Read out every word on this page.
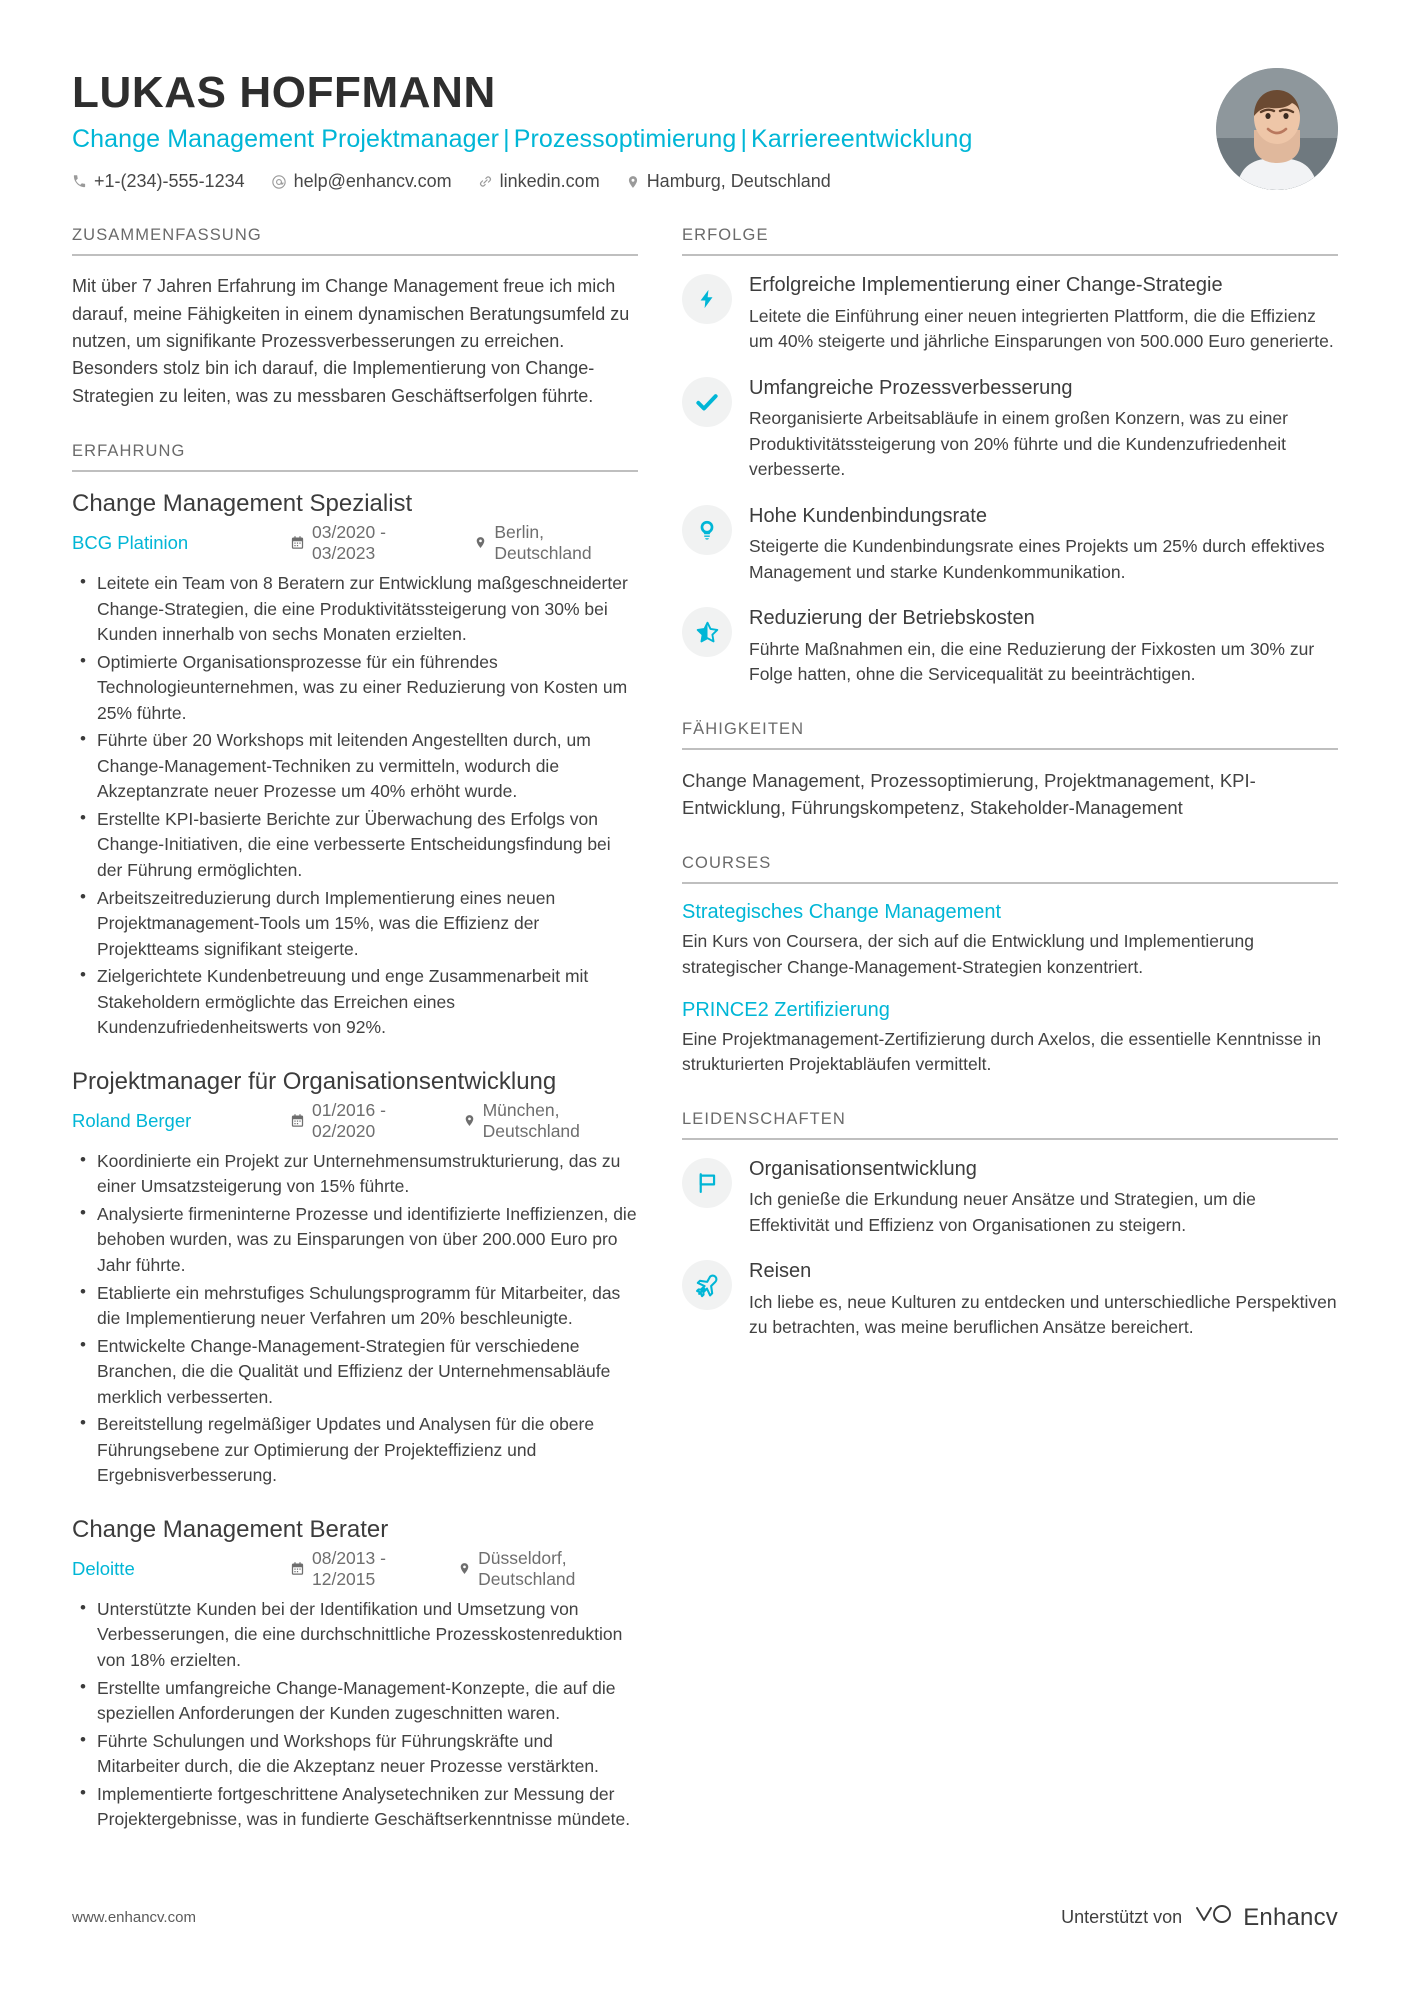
LUKAS HOFFMANN
Change Management Projektmanager | Prozessoptimierung | Karriereentwicklung
+1-(234)-555-1234	help@enhancv.com	linkedin.com	Hamburg, Deutschland
ZUSAMMENFASSUNG
Mit über 7 Jahren Erfahrung im Change Management freue ich mich darauf, meine Fähigkeiten in einem dynamischen Beratungsumfeld zu nutzen, um signifikante Prozessverbesserungen zu erreichen. Besonders stolz bin ich darauf, die Implementierung von Change-Strategien zu leiten, was zu messbaren Geschäftserfolgen führte.
ERFAHRUNG
Change Management Spezialist
BCG Platinion	03/2020 - 03/2023
Berlin, Deutschland
• Leitete ein Team von 8 Beratern zur Entwicklung maßgeschneiderter Change-Strategien, die eine Produktivitätssteigerung von 30% bei Kunden innerhalb von sechs Monaten erzielten.
• Optimierte Organisationsprozesse für ein führendes Technologieunternehmen, was zu einer Reduzierung von Kosten um 25% führte.
• Führte über 20 Workshops mit leitenden Angestellten durch, um Change-Management-Techniken zu vermitteln, wodurch die Akzeptanzrate neuer Prozesse um 40% erhöht wurde.
• Erstellte KPI-basierte Berichte zur Überwachung des Erfolgs von Change-Initiativen, die eine verbesserte Entscheidungsfindung bei der Führung ermöglichten.
• Arbeitszeitreduzierung durch Implementierung eines neuen Projektmanagement-Tools um 15%, was die Effizienz der Projektteams signifikant steigerte.
• Zielgerichtete Kundenbetreuung und enge Zusammenarbeit mit Stakeholdern ermöglichte das Erreichen eines Kundenzufriedenheitswerts von 92%.
Projektmanager für Organisationsentwicklung
Roland Berger	01/2016 - 02/2020
München, Deutschland
• Koordinierte ein Projekt zur Unternehmensumstrukturierung, das zu einer Umsatzsteigerung von 15% führte.
• Analysierte firmeninterne Prozesse und identifizierte Ineffizienzen, die behoben wurden, was zu Einsparungen von über 200.000 Euro pro Jahr führte.
• Etablierte ein mehrstufiges Schulungsprogramm für Mitarbeiter, das die Implementierung neuer Verfahren um 20% beschleunigte.
• Entwickelte Change-Management-Strategien für verschiedene Branchen, die die Qualität und Effizienz der Unternehmensabläufe merklich verbesserten.
• Bereitstellung regelmäßiger Updates und Analysen für die obere Führungsebene zur Optimierung der Projekteffizienz und Ergebnisverbesserung.
Change Management Berater
Deloitte	08/2013 - 12/2015
Düsseldorf, Deutschland
• Unterstützte Kunden bei der Identifikation und Umsetzung von Verbesserungen, die eine durchschnittliche Prozesskostenreduktion von 18% erzielten.
• Erstellte umfangreiche Change-Management-Konzepte, die auf die speziellen Anforderungen der Kunden zugeschnitten waren.
• Führte Schulungen und Workshops für Führungskräfte und Mitarbeiter durch, die die Akzeptanz neuer Prozesse verstärkten.
• Implementierte fortgeschrittene Analysetechniken zur Messung der Projektergebnisse, was in fundierte Geschäftserkenntnisse mündete.
ERFOLGE
Erfolgreiche Implementierung einer Change-Strategie
Leitete die Einführung einer neuen integrierten Plattform, die die Effizienz um 40% steigerte und jährliche Einsparungen von 500.000 Euro generierte.
Umfangreiche Prozessverbesserung
Reorganisierte Arbeitsabläufe in einem großen Konzern, was zu einer Produktivitätssteigerung von 20% führte und die Kundenzufriedenheit verbesserte.
Hohe Kundenbindungsrate
Steigerte die Kundenbindungsrate eines Projekts um 25% durch effektives Management und starke Kundenkommunikation.
Reduzierung der Betriebskosten
Führte Maßnahmen ein, die eine Reduzierung der Fixkosten um 30% zur Folge hatten, ohne die Servicequalität zu beeinträchtigen.
FÄHIGKEITEN
Change Management, Prozessoptimierung, Projektmanagement, KPI-Entwicklung, Führungskompetenz, Stakeholder-Management
COURSES
Strategisches Change Management
Ein Kurs von Coursera, der sich auf die Entwicklung und Implementierung strategischer Change-Management-Strategien konzentriert.
PRINCE2 Zertifizierung
Eine Projektmanagement-Zertifizierung durch Axelos, die essentielle Kenntnisse in strukturierten Projektabläufen vermittelt.
LEIDENSCHAFTEN
Organisationsentwicklung
Ich genieße die Erkundung neuer Ansätze und Strategien, um die Effektivität und Effizienz von Organisationen zu steigern.
Reisen
Ich liebe es, neue Kulturen zu entdecken und unterschiedliche Perspektiven zu betrachten, was meine beruflichen Ansätze bereichert.
www.enhancv.com	Unterstützt von	Enhancv
